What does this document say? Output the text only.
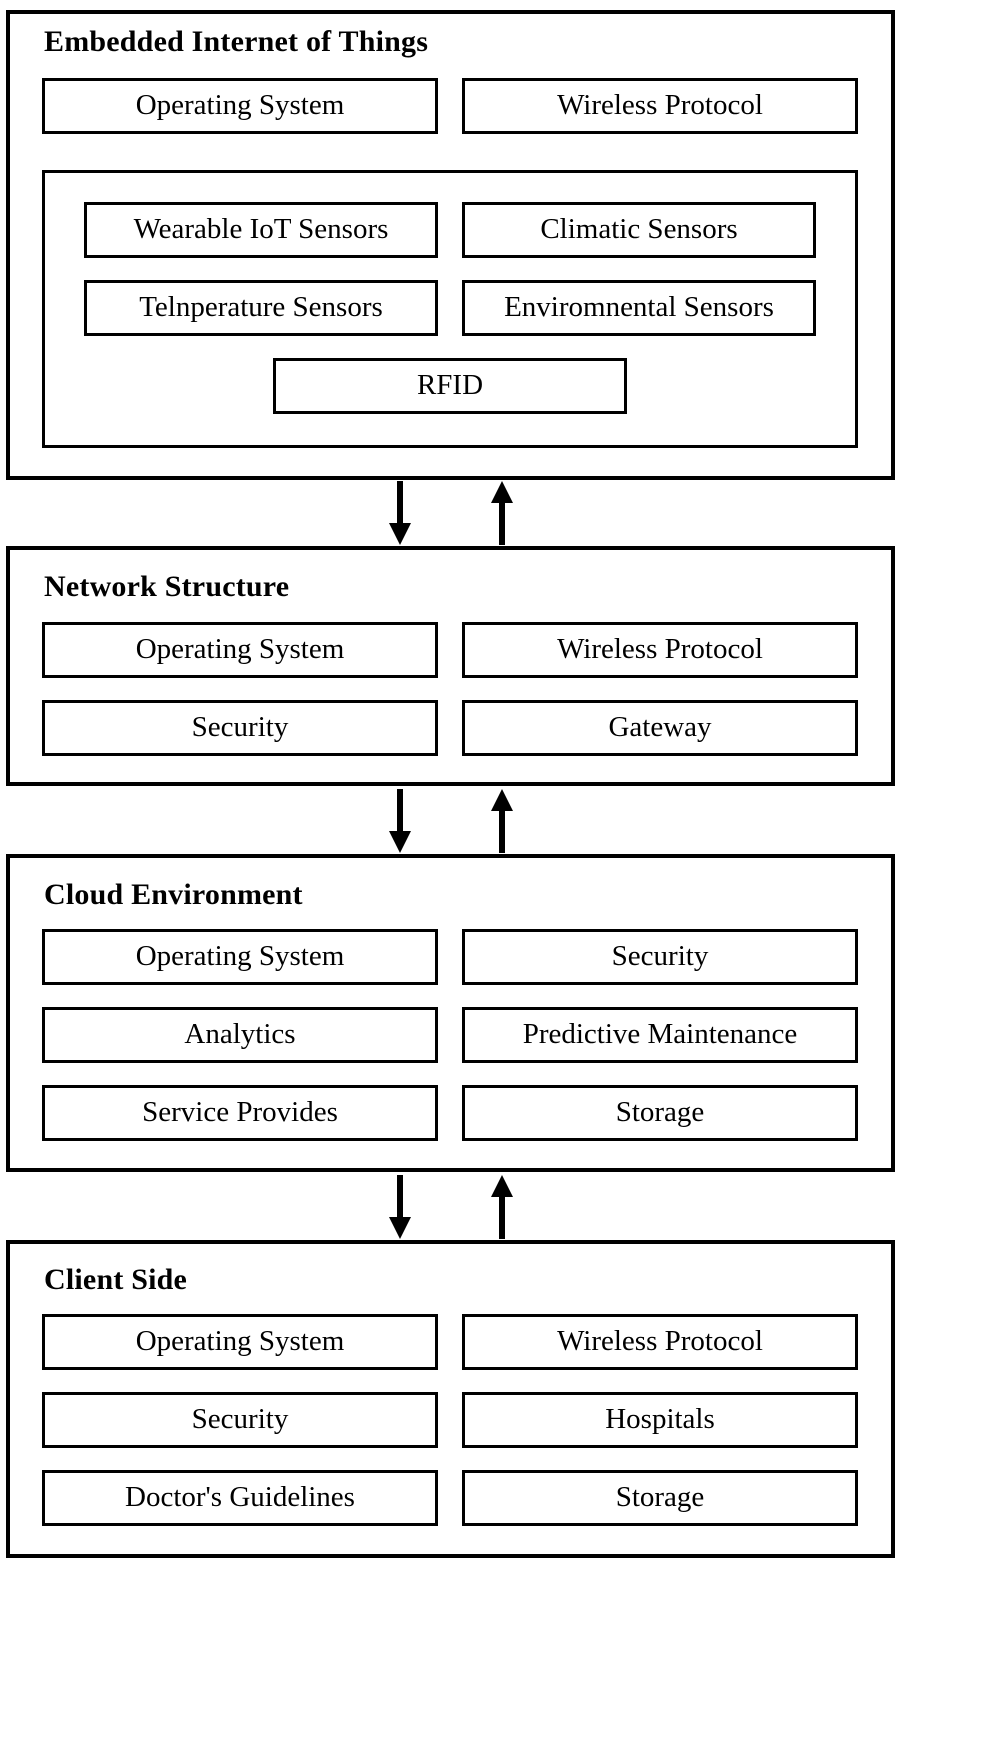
Embedded Internet of Things
Operating System	Wireless Protocol
Wearable IoT Sensors	Climatic Sensors
Telnperature Sensors	Enviromnental Sensors
RFID
Network Structure
Operating System	Wireless Protocol
Security	Gateway
Cloud Environment
Operating System	Security
Analytics	Predictive Maintenance
Service Provides	Storage
Client Side
Operating System	Wireless Protocol
Security	Hospitals
Doctor's Guidelines	Storage
